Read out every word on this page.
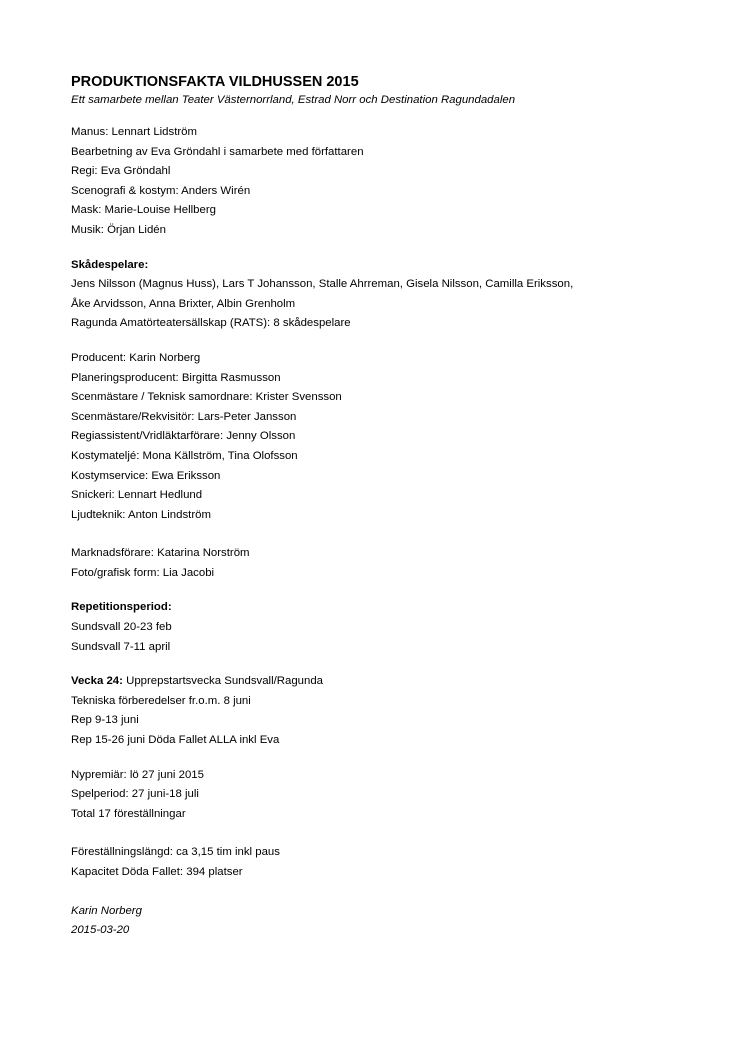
PRODUKTIONSFAKTA VILDHUSSEN 2015
Ett samarbete mellan Teater Västernorrland, Estrad Norr och Destination Ragundadalen
Manus: Lennart Lidström
Bearbetning av Eva Gröndahl i samarbete med författaren
Regi: Eva Gröndahl
Scenografi & kostym: Anders Wirén
Mask: Marie-Louise Hellberg
Musik: Örjan Lidén
Skådespelare:
Jens Nilsson (Magnus Huss), Lars T Johansson, Stalle Ahrreman, Gisela Nilsson, Camilla Eriksson,
Åke Arvidsson, Anna Brixter, Albin Grenholm
Ragunda Amatörteatersällskap (RATS): 8 skådespelare
Producent: Karin Norberg
Planeringsproducent: Birgitta Rasmusson
Scenmästare / Teknisk samordnare: Krister Svensson
Scenmästare/Rekvisitör: Lars-Peter Jansson
Regiassistent/Vridläktarförare: Jenny Olsson
Kostymateljé: Mona Källström, Tina Olofsson
Kostymservice: Ewa Eriksson
Snickeri: Lennart Hedlund
Ljudteknik: Anton Lindström
Marknadsförare: Katarina Norström
Foto/grafisk form: Lia Jacobi
Repetitionsperiod:
Sundsvall 20-23 feb
Sundsvall 7-11 april
Vecka 24: Upprepstartsvecka Sundsvall/Ragunda
Tekniska förberedelser fr.o.m. 8 juni
Rep 9-13 juni
Rep 15-26 juni Döda Fallet ALLA inkl Eva
Nypremiär: lö 27 juni 2015
Spelperiod: 27 juni-18 juli
Total 17 föreställningar
Föreställningslängd: ca 3,15 tim inkl paus
Kapacitet Döda Fallet: 394 platser
Karin Norberg
2015-03-20
